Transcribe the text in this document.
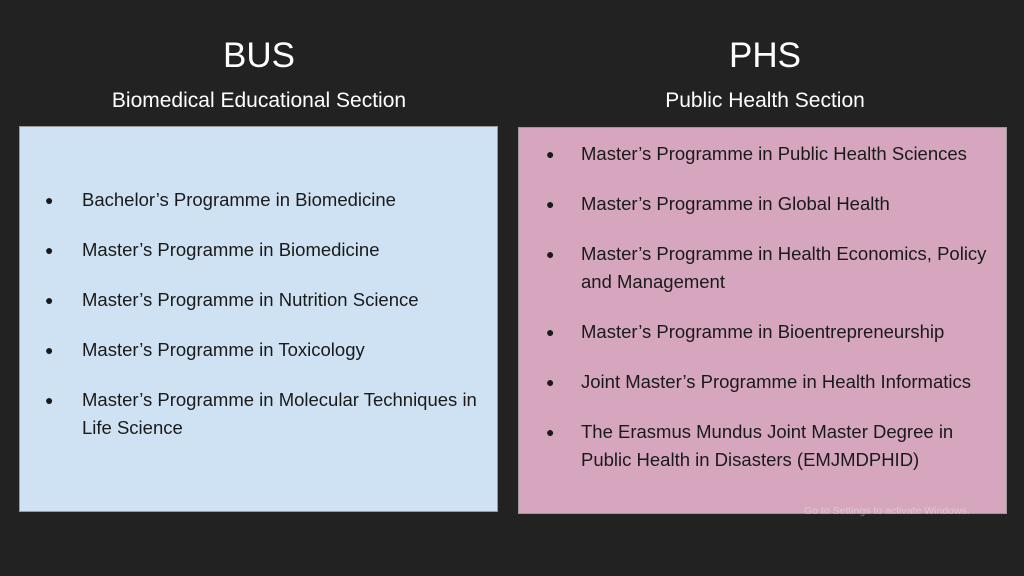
BUS
Biomedical Educational Section
PHS
Public Health Section
● Bachelor’s Programme in Biomedicine
● Master’s Programme in Biomedicine
● Master’s Programme in Nutrition Science
● Master’s Programme in Toxicology
● Master’s Programme in Molecular Techniques in Life Science
● Master’s Programme in Public Health Sciences
● Master’s Programme in Global Health
● Master’s Programme in Health Economics, Policy and Management
● Master’s Programme in Bioentrepreneurship
● Joint Master’s Programme in Health Informatics
● The Erasmus Mundus Joint Master Degree in Public Health in Disasters (EMJMDPHID)
Go to Settings to activate Windows.
